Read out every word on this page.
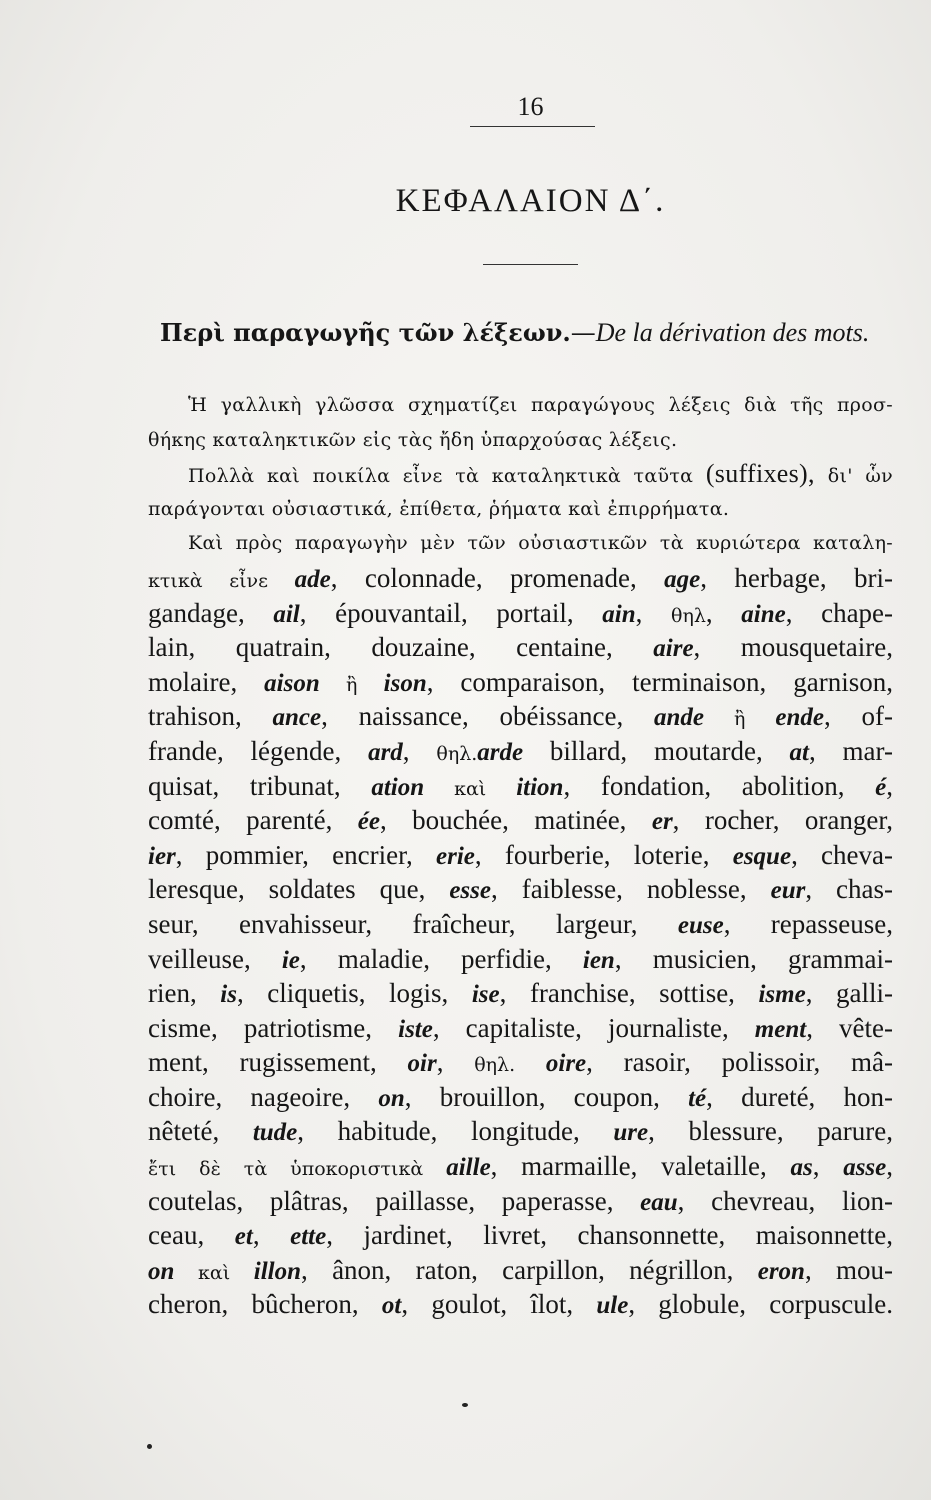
16
ΚΕΦΑΛΑΙΟΝ Δ΄.
Περὶ παραγωγῆς τῶν λέξεων.—De la dérivation des mots.
Ἡ γαλλικὴ γλῶσσα σχηματίζει παραγώγους λέξεις διὰ τῆς προσ-
θήκης καταληκτικῶν εἰς τὰς ἤδη ὑπαρχούσας λέξεις.
Πολλὰ καὶ ποικίλα εἶνε τὰ καταληκτικὰ ταῦτα (suffixes), δι' ὧν
παράγονται οὐσιαστικά, ἐπίθετα, ῥήματα καὶ ἐπιρρήματα.
Καὶ πρὸς παραγωγὴν μὲν τῶν οὐσιαστικῶν τὰ κυριώτερα καταλη-
κτικὰ εἶνε ade, colonnade, promenade, age, herbage, bri-
gandage, ail, épouvantail, portail, ain, θηλ, aine, chape-
lain, quatrain, douzaine, centaine, aire, mousquetaire,
molaire, aison ἢ ison, comparaison, terminaison, garnison,
trahison, ance, naissance, obéissance, ande ἢ ende, of-
frande, légende, ard, θηλ.arde billard, moutarde, at, mar-
quisat, tribunat, ation καὶ ition, fondation, abolition, é,
comté, parenté, ée, bouchée, matinée, er, rocher, oranger,
ier, pommier, encrier, erie, fourberie, loterie, esque, cheva-
leresque, soldates que, esse, faiblesse, noblesse, eur, chas-
seur, envahisseur, fraîcheur, largeur, euse, repasseuse,
veilleuse, ie, maladie, perfidie, ien, musicien, grammai-
rien, is, cliquetis, logis, ise, franchise, sottise, isme, galli-
cisme, patriotisme, iste, capitaliste, journaliste, ment, vête-
ment, rugissement, oir, θηλ. oire, rasoir, polissoir, mâ-
choire, nageoire, on, brouillon, coupon, té, dureté, hon-
nêteté, tude, habitude, longitude, ure, blessure, parure,
ἔτι δὲ τὰ ὑποκοριστικὰ aille, marmaille, valetaille, as, asse,
coutelas, plâtras, paillasse, paperasse, eau, chevreau, lion-
ceau, et, ette, jardinet, livret, chansonnette, maisonnette,
on καὶ illon, ânon, raton, carpillon, négrillon, eron, mou-
cheron, bûcheron, ot, goulot, îlot, ule, globule, corpuscule.
